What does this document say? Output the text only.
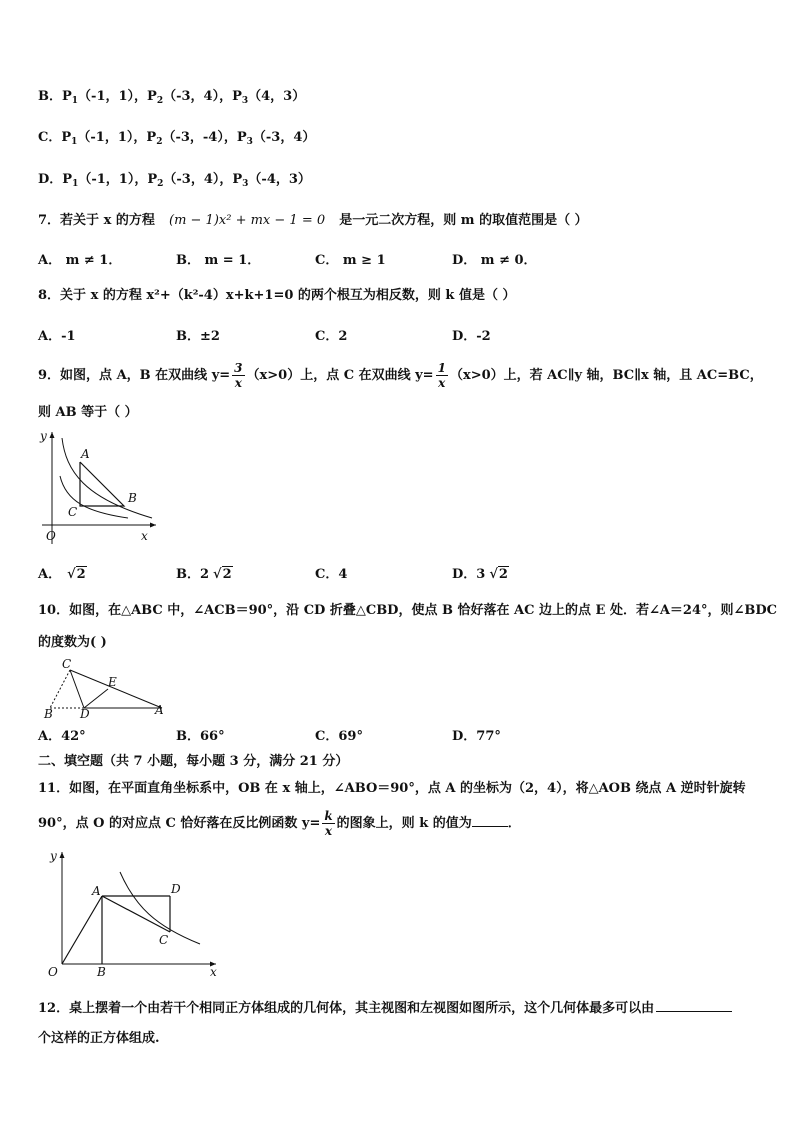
B．$P_1(-1$，1），$P_2(-3$，4），$P_3(4$，3）
C．$P_1(-1$，1），$P_2(-3$，-4），$P_3(-3$，4）
D．$P_1(-1$，1），$P_2(-3$，4），$P_3(-4$，3）
7．若关于 x 的方程 (m − 1)x² + mx − 1 = 0 是一元二次方程，则 m 的取值范围是（ ）
A． m ≠ 1．	B． m = 1．	C． m ≥ 1	D． m ≠ 0．
8．关于 x 的方程 x²+（k²-4）x+k+1=0 的两个根互为相反数，则 k 值是（ ）
A．-1	B．±2	C．2	D．-2
9．如图，点 A，B 在双曲线 $y= \frac{3}{x} (x>0)$上，点 C 在双曲线 $y= \frac{1}{x} (x>0)$上，若 AC∥y 轴，BC∥x 轴，且 AC=BC，
则 AB 等于（ ）
y
x
O
A
B
C
A． √2	B．2 √2	C．4	D．3 √2
10．如图，在△ABC 中，∠ACB＝90°，沿 CD 折叠△CBD，使点 B 恰好落在 AC 边上的点 E 处．若∠A＝24°，则∠BDC
的度数为( )
C
E
B D	A
A．42°	B．66°	C．69°	D．77°
二、填空题（共 7 小题，每小题 3 分，满分 21 分）
11．如图，在平面直角坐标系中，OB 在 x 轴上，∠ABO＝90°，点 A 的坐标为（2，4），将△AOB 绕点 A 逆时针旋转
90°，点 O 的对应点 C 恰好落在反比例函数 $y= \frac{k}{x}$ 的图象上，则 k 的值为	．
y
x
O	B
A	D
C
12．桌上摆着一个由若干个相同正方体组成的几何体，其主视图和左视图如图所示，这个几何体最多可以由
个这样的正方体组成.
